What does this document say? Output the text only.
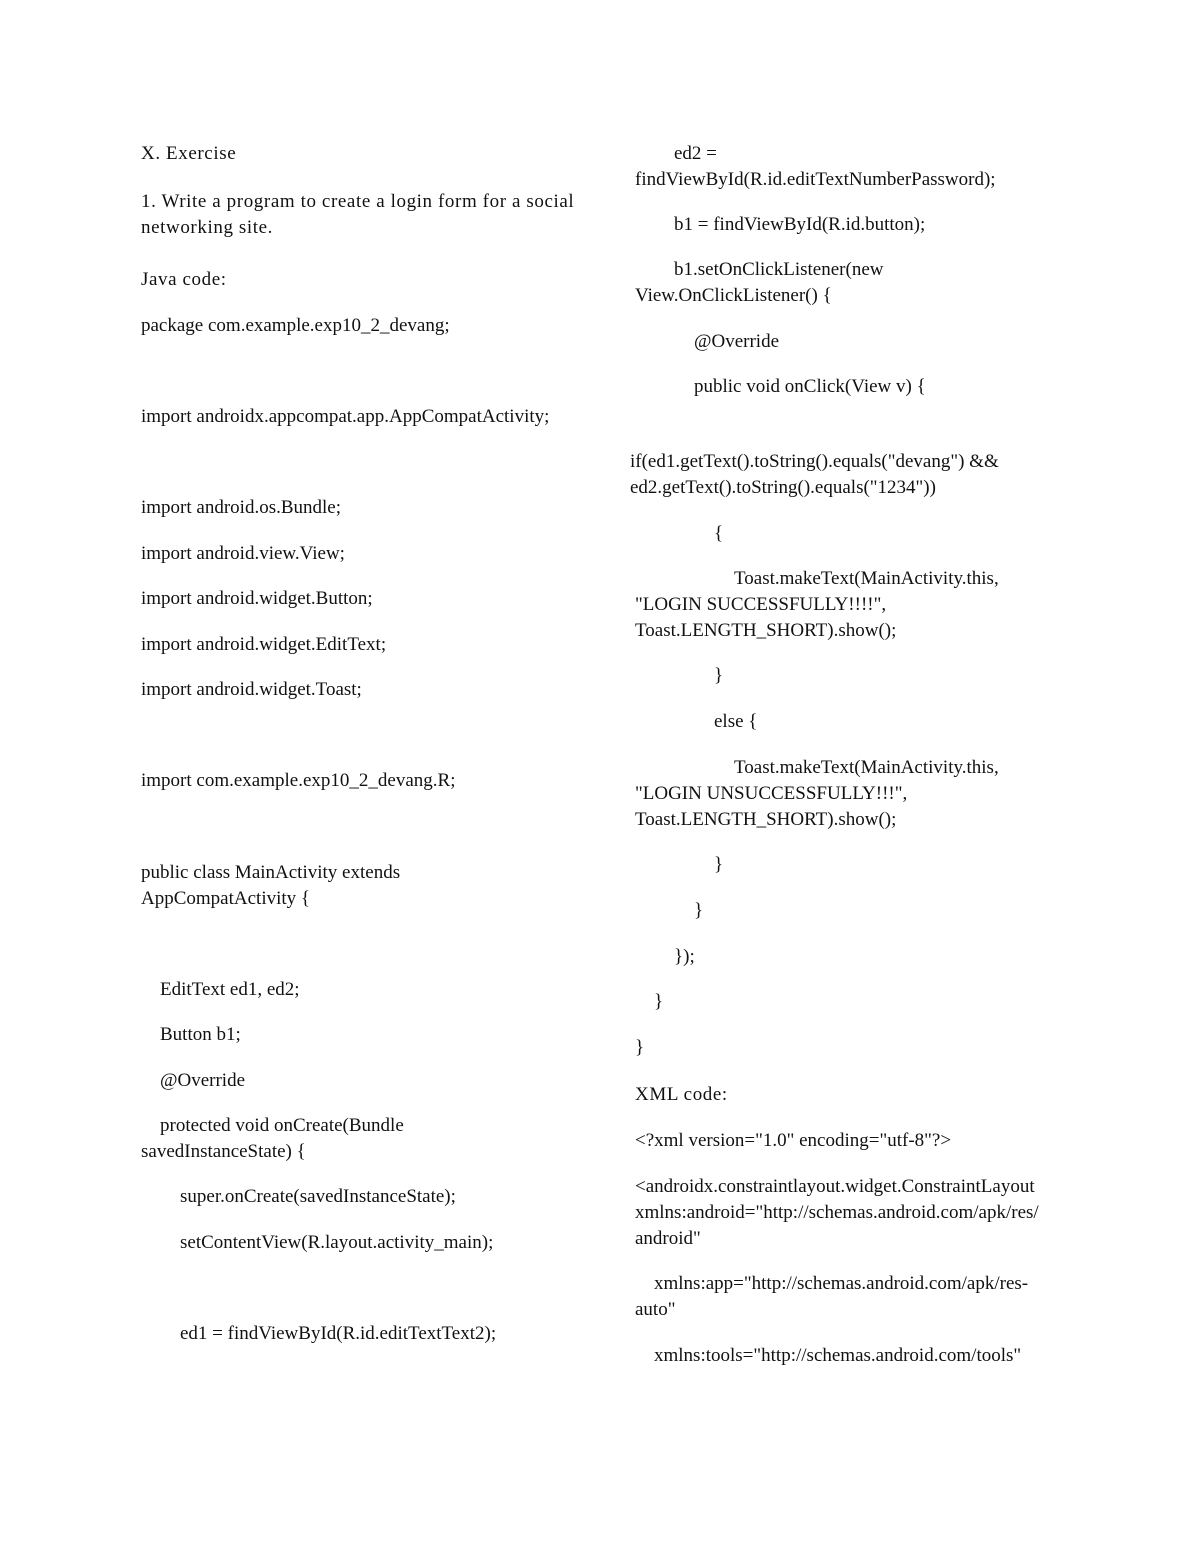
X. Exercise
1. Write a program to create a login form for a social networking site.
Java code:
package com.example.exp10_2_devang;
import androidx.appcompat.app.AppCompatActivity;
import android.os.Bundle;
import android.view.View;
import android.widget.Button;
import android.widget.EditText;
import android.widget.Toast;
import com.example.exp10_2_devang.R;
public class MainActivity extends
AppCompatActivity {
EditText ed1, ed2;
Button b1;
@Override
protected void onCreate(Bundle
savedInstanceState) {
super.onCreate(savedInstanceState);
setContentView(R.layout.activity_main);
ed1 = findViewById(R.id.editTextText2);
ed2 =
findViewById(R.id.editTextNumberPassword);
b1 = findViewById(R.id.button);
b1.setOnClickListener(new
View.OnClickListener() {
@Override
public void onClick(View v) {
if(ed1.getText().toString().equals("devang") &&
ed2.getText().toString().equals("1234"))
{
Toast.makeText(MainActivity.this,
"LOGIN SUCCESSFULLY!!!!",
Toast.LENGTH_SHORT).show();
}
else {
Toast.makeText(MainActivity.this,
"LOGIN UNSUCCESSFULLY!!!",
Toast.LENGTH_SHORT).show();
}
}
});
}
}
XML code:
<?xml version="1.0" encoding="utf-8"?>
<androidx.constraintlayout.widget.ConstraintLayout
xmlns:android="http://schemas.android.com/apk/res/
android"
xmlns:app="http://schemas.android.com/apk/res-
auto"
xmlns:tools="http://schemas.android.com/tools"
